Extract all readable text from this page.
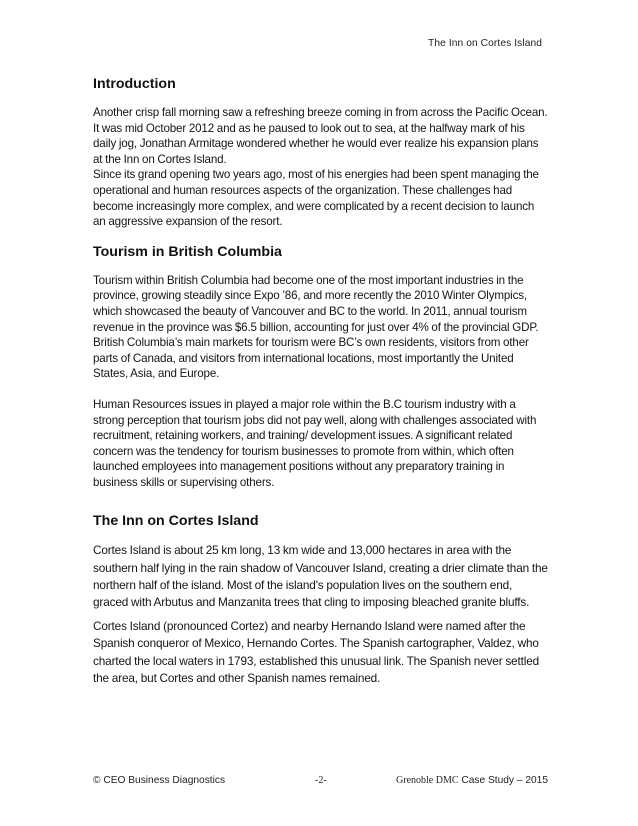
The Inn on Cortes Island
Introduction

Another crisp fall morning saw a refreshing breeze coming in from across the Pacific Ocean. It was mid October 2012 and as he paused to look out to sea, at the halfway mark of his daily jog, Jonathan Armitage wondered whether he would ever realize his expansion plans at the Inn on Cortes Island.

Since its grand opening two years ago, most of his energies had been spent managing the operational and human resources aspects of the organization. These challenges had become increasingly more complex, and were complicated by a recent decision to launch an aggressive expansion of the resort.

Tourism in British Columbia

Tourism within British Columbia had become one of the most important industries in the province, growing steadily since Expo ’86, and more recently the 2010 Winter Olympics, which showcased the beauty of Vancouver and BC to the world. In 2011, annual tourism revenue in the province was $6.5 billion, accounting for just over 4% of the provincial GDP. British Columbia’s main markets for tourism were BC’s own residents, visitors from other parts of Canada, and visitors from international locations, most importantly the United States, Asia, and Europe.

Human Resources issues in played a major role within the B.C tourism industry with a strong perception that tourism jobs did not pay well, along with challenges associated with recruitment, retaining workers, and training/ development issues. A significant related concern was the tendency for tourism businesses to promote from within, which often launched employees into management positions without any preparatory training in business skills or supervising others.

The Inn on Cortes Island

Cortes Island is about 25 km long, 13 km wide and 13,000 hectares in area with the southern half lying in the rain shadow of Vancouver Island, creating a drier climate than the northern half of the island. Most of the island's population lives on the southern end, graced with Arbutus and Manzanita trees that cling to imposing bleached granite bluffs.

Cortes Island (pronounced Cortez) and nearby Hernando Island were named after the Spanish conqueror of Mexico, Hernando Cortes. The Spanish cartographer, Valdez, who charted the local waters in 1793, established this unusual link. The Spanish never settled the area, but Cortes and other Spanish names remained.

© CEO Business Diagnostics	-2-	Grenoble DMC Case Study – 2015
